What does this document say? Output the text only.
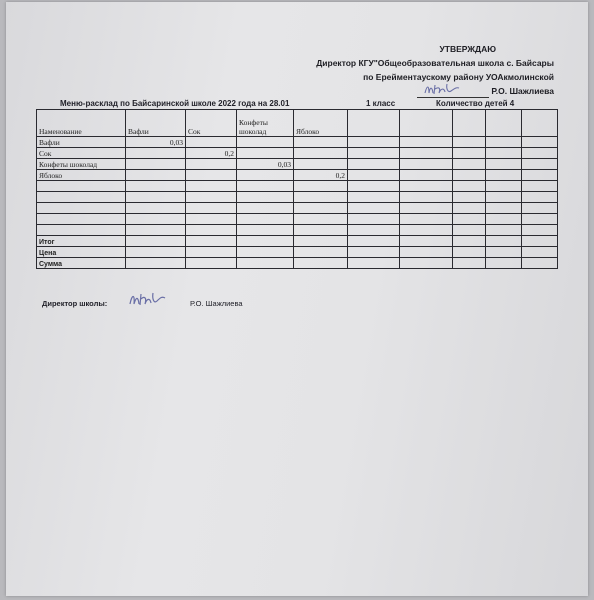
УТВЕРЖДАЮ
Директор КГУ"Общеобразовательная школа с. Байсары
по Ерейментаускому району УОАкмолинской
Р.О. Шажлиева
Меню-расклад по Байсаринской школе 2022 года на 28.01	1 класс	Количество детей 4
Наменование	Вафли	Сок	Конфеты шоколад	Яблоко					
Вафли	0,03								
Сок		0,2							
Конфеты шоколад			0,03						
Яблоко				0,2					

Итог									
Цена									
Сумма									
Директор школы:	Р.О. Шажлиева
